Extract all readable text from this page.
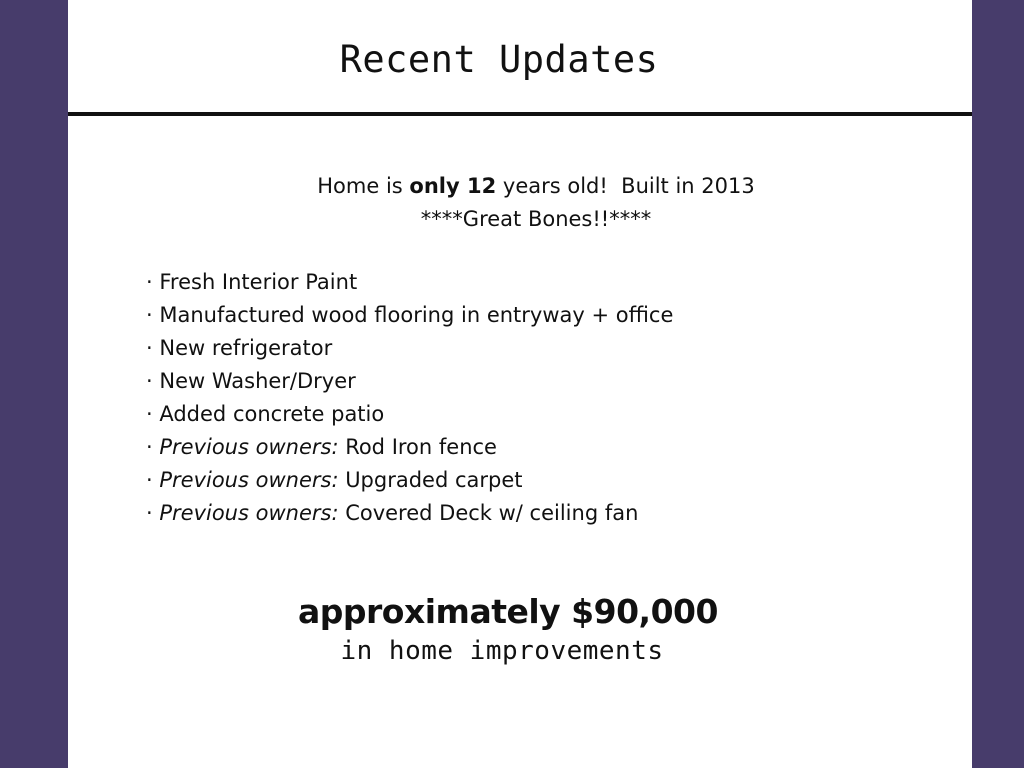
Recent Updates
Home is only 12 years old!  Built in 2013
****Great Bones!!****
· Fresh Interior Paint
· Manufactured wood flooring in entryway + office
· New refrigerator
· New Washer/Dryer
· Added concrete patio
· Previous owners: Rod Iron fence
· Previous owners: Upgraded carpet
· Previous owners: Covered Deck w/ ceiling fan
approximately $90,000
in home improvements
